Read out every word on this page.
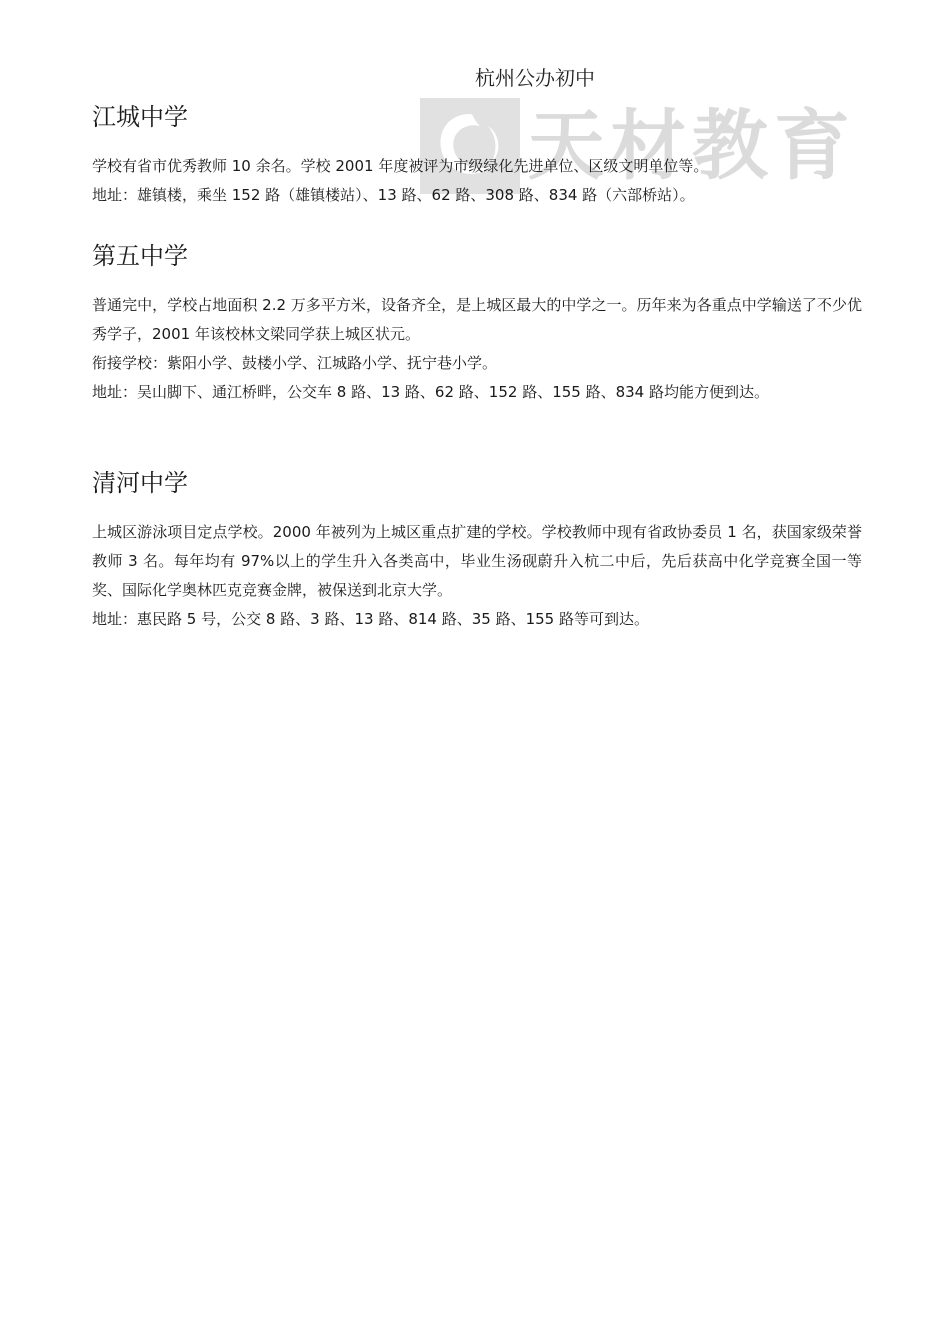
天材教育
杭州公办初中
江城中学

学校有省市优秀教师 10 余名。学校 2001 年度被评为市级绿化先进单位、区级文明单位等。

地址：雄镇楼，乘坐 152 路（雄镇楼站）、13 路、62 路、308 路、834 路（六部桥站）。

第五中学

普通完中，学校占地面积 2.2 万多平方米，设备齐全，是上城区最大的中学之一。历年来为各重点中学输送了不少优秀学子，2001 年该校林文梁同学获上城区状元。

衔接学校：紫阳小学、鼓楼小学、江城路小学、抚宁巷小学。

地址：吴山脚下、通江桥畔，公交车 8 路、13 路、62 路、152 路、155 路、834 路均能方便到达。

清河中学

上城区游泳项目定点学校。2000 年被列为上城区重点扩建的学校。学校教师中现有省政协委员 1 名，获国家级荣誉教师 3 名。每年均有 97%以上的学生升入各类高中，毕业生汤砚蔚升入杭二中后，先后获高中化学竞赛全国一等奖、国际化学奥林匹克竞赛金牌，被保送到北京大学。

地址：惠民路 5 号，公交 8 路、3 路、13 路、814 路、35 路、155 路等可到达。
